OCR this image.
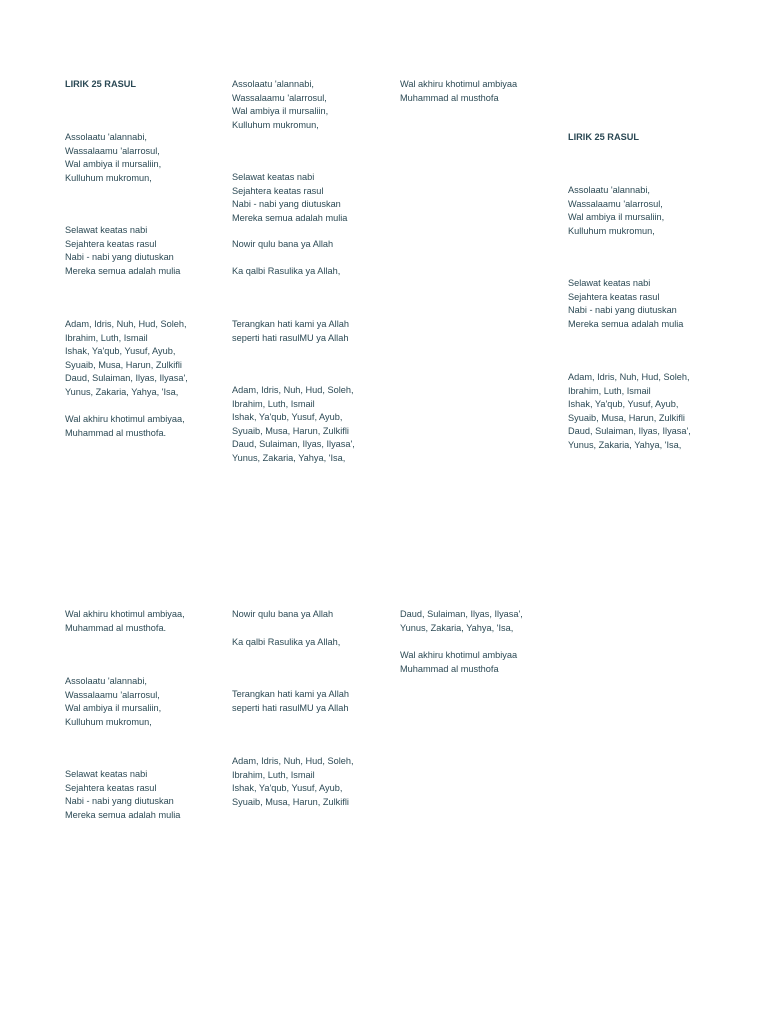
LIRIK 25 RASUL
Assolaatu 'alannabi,
Wassalaamu 'alarrosul,
Wal ambiya il mursaliin,
Kulluhum mukromun,
Selawat keatas nabi
Sejahtera keatas rasul
Nabi - nabi yang diutuskan
Mereka semua adalah mulia
Adam, Idris, Nuh, Hud, Soleh,
Ibrahim, Luth, Ismail
Ishak, Ya'qub, Yusuf, Ayub,
Syuaib, Musa, Harun, Zulkifli
Daud, Sulaiman, Ilyas, Ilyasa',
Yunus, Zakaria, Yahya, 'Isa,
Wal akhiru khotimul ambiyaa,
Muhammad al musthofa.
Assolaatu 'alannabi,
Wassalaamu 'alarrosul,
Wal ambiya il mursaliin,
Kulluhum mukromun,
Selawat keatas nabi
Sejahtera keatas rasul
Nabi - nabi yang diutuskan
Mereka semua adalah mulia
Nowir qulu bana ya Allah
Ka qalbi Rasulika ya Allah,
Terangkan hati kami ya Allah
seperti hati rasulMU ya Allah
Adam, Idris, Nuh, Hud, Soleh,
Ibrahim, Luth, Ismail
Ishak, Ya'qub, Yusuf, Ayub,
Syuaib, Musa, Harun, Zulkifli
Daud, Sulaiman, Ilyas, Ilyasa',
Yunus, Zakaria, Yahya, 'Isa,
Wal akhiru khotimul ambiyaa
Muhammad al musthofa
LIRIK 25 RASUL
Assolaatu 'alannabi,
Wassalaamu 'alarrosul,
Wal ambiya il mursaliin,
Kulluhum mukromun,
Selawat keatas nabi
Sejahtera keatas rasul
Nabi - nabi yang diutuskan
Mereka semua adalah mulia
Adam, Idris, Nuh, Hud, Soleh,
Ibrahim, Luth, Ismail
Ishak, Ya'qub, Yusuf, Ayub,
Syuaib, Musa, Harun, Zulkifli
Daud, Sulaiman, Ilyas, Ilyasa',
Yunus, Zakaria, Yahya, 'Isa,
Wal akhiru khotimul ambiyaa,
Muhammad al musthofa.
Assolaatu 'alannabi,
Wassalaamu 'alarrosul,
Wal ambiya il mursaliin,
Kulluhum mukromun,
Selawat keatas nabi
Sejahtera keatas rasul
Nabi - nabi yang diutuskan
Mereka semua adalah mulia
Nowir qulu bana ya Allah
Ka qalbi Rasulika ya Allah,
Terangkan hati kami ya Allah
seperti hati rasulMU ya Allah
Adam, Idris, Nuh, Hud, Soleh,
Ibrahim, Luth, Ismail
Ishak, Ya'qub, Yusuf, Ayub,
Syuaib, Musa, Harun, Zulkifli
Daud, Sulaiman, Ilyas, Ilyasa',
Yunus, Zakaria, Yahya, 'Isa,
Wal akhiru khotimul ambiyaa
Muhammad al musthofa
